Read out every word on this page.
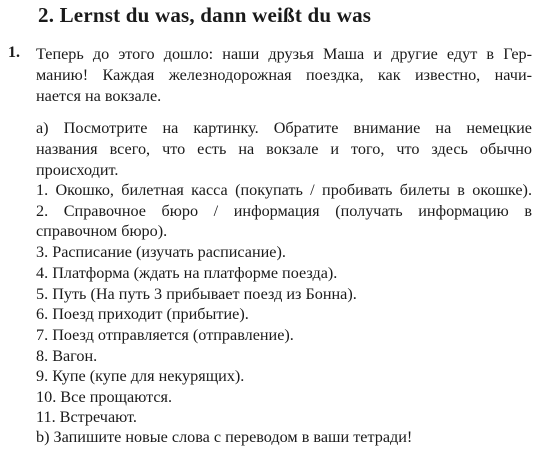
2. Lernst du was, dann weißt du was
1. Теперь до этого дошло: наши друзья Маша и другие едут в Гер-
манию! Каждая железнодорожная поездка, как известно, начи-
нается на вокзале.
а) Посмотрите на картинку. Обратите внимание на немецкие
названия всего, что есть на вокзале и того, что здесь обычно
происходит.
1. Окошко, билетная касса (покупать / пробивать билеты в окошке).
2. Справочное бюро / информация (получать информацию в
справочном бюро).
3. Расписание (изучать расписание).
4. Платформа (ждать на платформе поезда).
5. Путь (На путь 3 прибывает поезд из Бонна).
6. Поезд приходит (прибытие).
7. Поезд отправляется (отправление).
8. Вагон.
9. Купе (купе для некурящих).
10. Все прощаются.
11. Встречают.
b) Запишите новые слова с переводом в ваши тетради!
